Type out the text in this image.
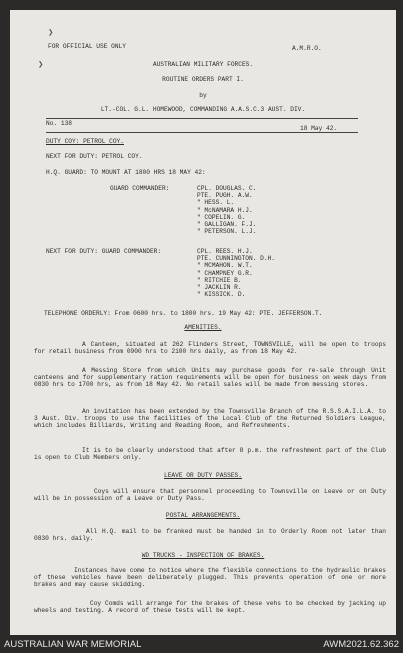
❯
❯
FOR OFFICIAL USE ONLY	A.M.R.O.
AUSTRALIAN MILITARY FORCES.
ROUTINE ORDERS PART I.
by
LT.-COL. G.L. HOMEWOOD, COMMANDING A.A.S.C.3 AUST. DIV.
No. 138
18 May 42.
DUTY COY: PETROL COY.
NEXT FOR DUTY: PETROL COY.
H.Q. GUARD: TO MOUNT AT 1800 HRS 18 MAY 42:
GUARD COMMANDER:	CPL. DOUGLAS. C.
PTE. PUGH. A.W.
" HESS. L.
" McNAMARA H.J.
" COPELIN. G.
" GALLIGAN. F.J.
" PETERSON. L.J.
NEXT FOR DUTY: GUARD COMMANDER:	CPL. REES. H.J.
PTE. CUNNINGTON. D.H.
" MCMAHON. W.T.
" CHAMPNEY G.R.
" RITCHIE B.
" JACKLIN R.
" KISSICK. D.
TELEPHONE ORDERLY: From 0600 hrs. to 1800 hrs. 19 May 42: PTE. JEFFERSON.T.
AMENITIES.
A Canteen, situated at 262 Flinders Street, TOWNSVILLE, will be open to troops for retail business from 0900 hrs to 2100 hrs daily, as from 18 May 42.
A Messing Store from which Units may purchase goods for re-sale through Unit canteens and for supplementary ration requirements will be open for business on week days from 0830 hrs to 1700 hrs, as from 18 May 42. No retail sales will be made from messing stores.
An invitation has been extended by the Townsville Branch of the R.S.S.A.I.L.A. to 3 Aust. Div. troops to use the facilities of the Local Club of the Returned Soldiers League, which includes Billiards, Writing and Reading Room, and Refreshments.
It is to be clearly understood that after 8 p.m. the refreshment part of the Club is open to Club Members only.
LEAVE OR DUTY PASSES.
Coys will ensure that personnel proceeding to Townsville on Leave or on Duty will be in possession of a Leave or Duty Pass.
POSTAL ARRANGEMENTS.
All H.Q. mail to be franked must be handed in to Orderly Room not later than 0830 hrs. daily.
WD TRUCKS - INSPECTION OF BRAKES.
Instances have come to notice where the flexible connections to the hydraulic brakes of these vehicles have been deliberately plugged. This prevents operation of one or more brakes and may cause skidding.
Coy Comds will arrange for the brakes of these vehs to be checked by jacking up wheels and testing. A record of these tests will be kept.
AUSTRALIAN WAR MEMORIAL	AWM2021.62.362
